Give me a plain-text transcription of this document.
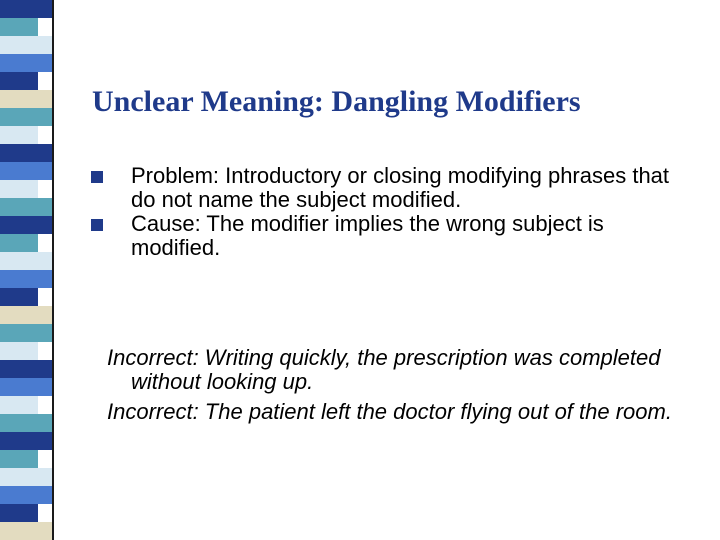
Unclear Meaning: Dangling Modifiers
Problem: Introductory or closing modifying phrases that do not name the subject modified.
Cause: The modifier implies the wrong subject is modified.

Incorrect: Writing quickly, the prescription was completed without looking up.

Incorrect: The patient left the doctor flying out of the room.
